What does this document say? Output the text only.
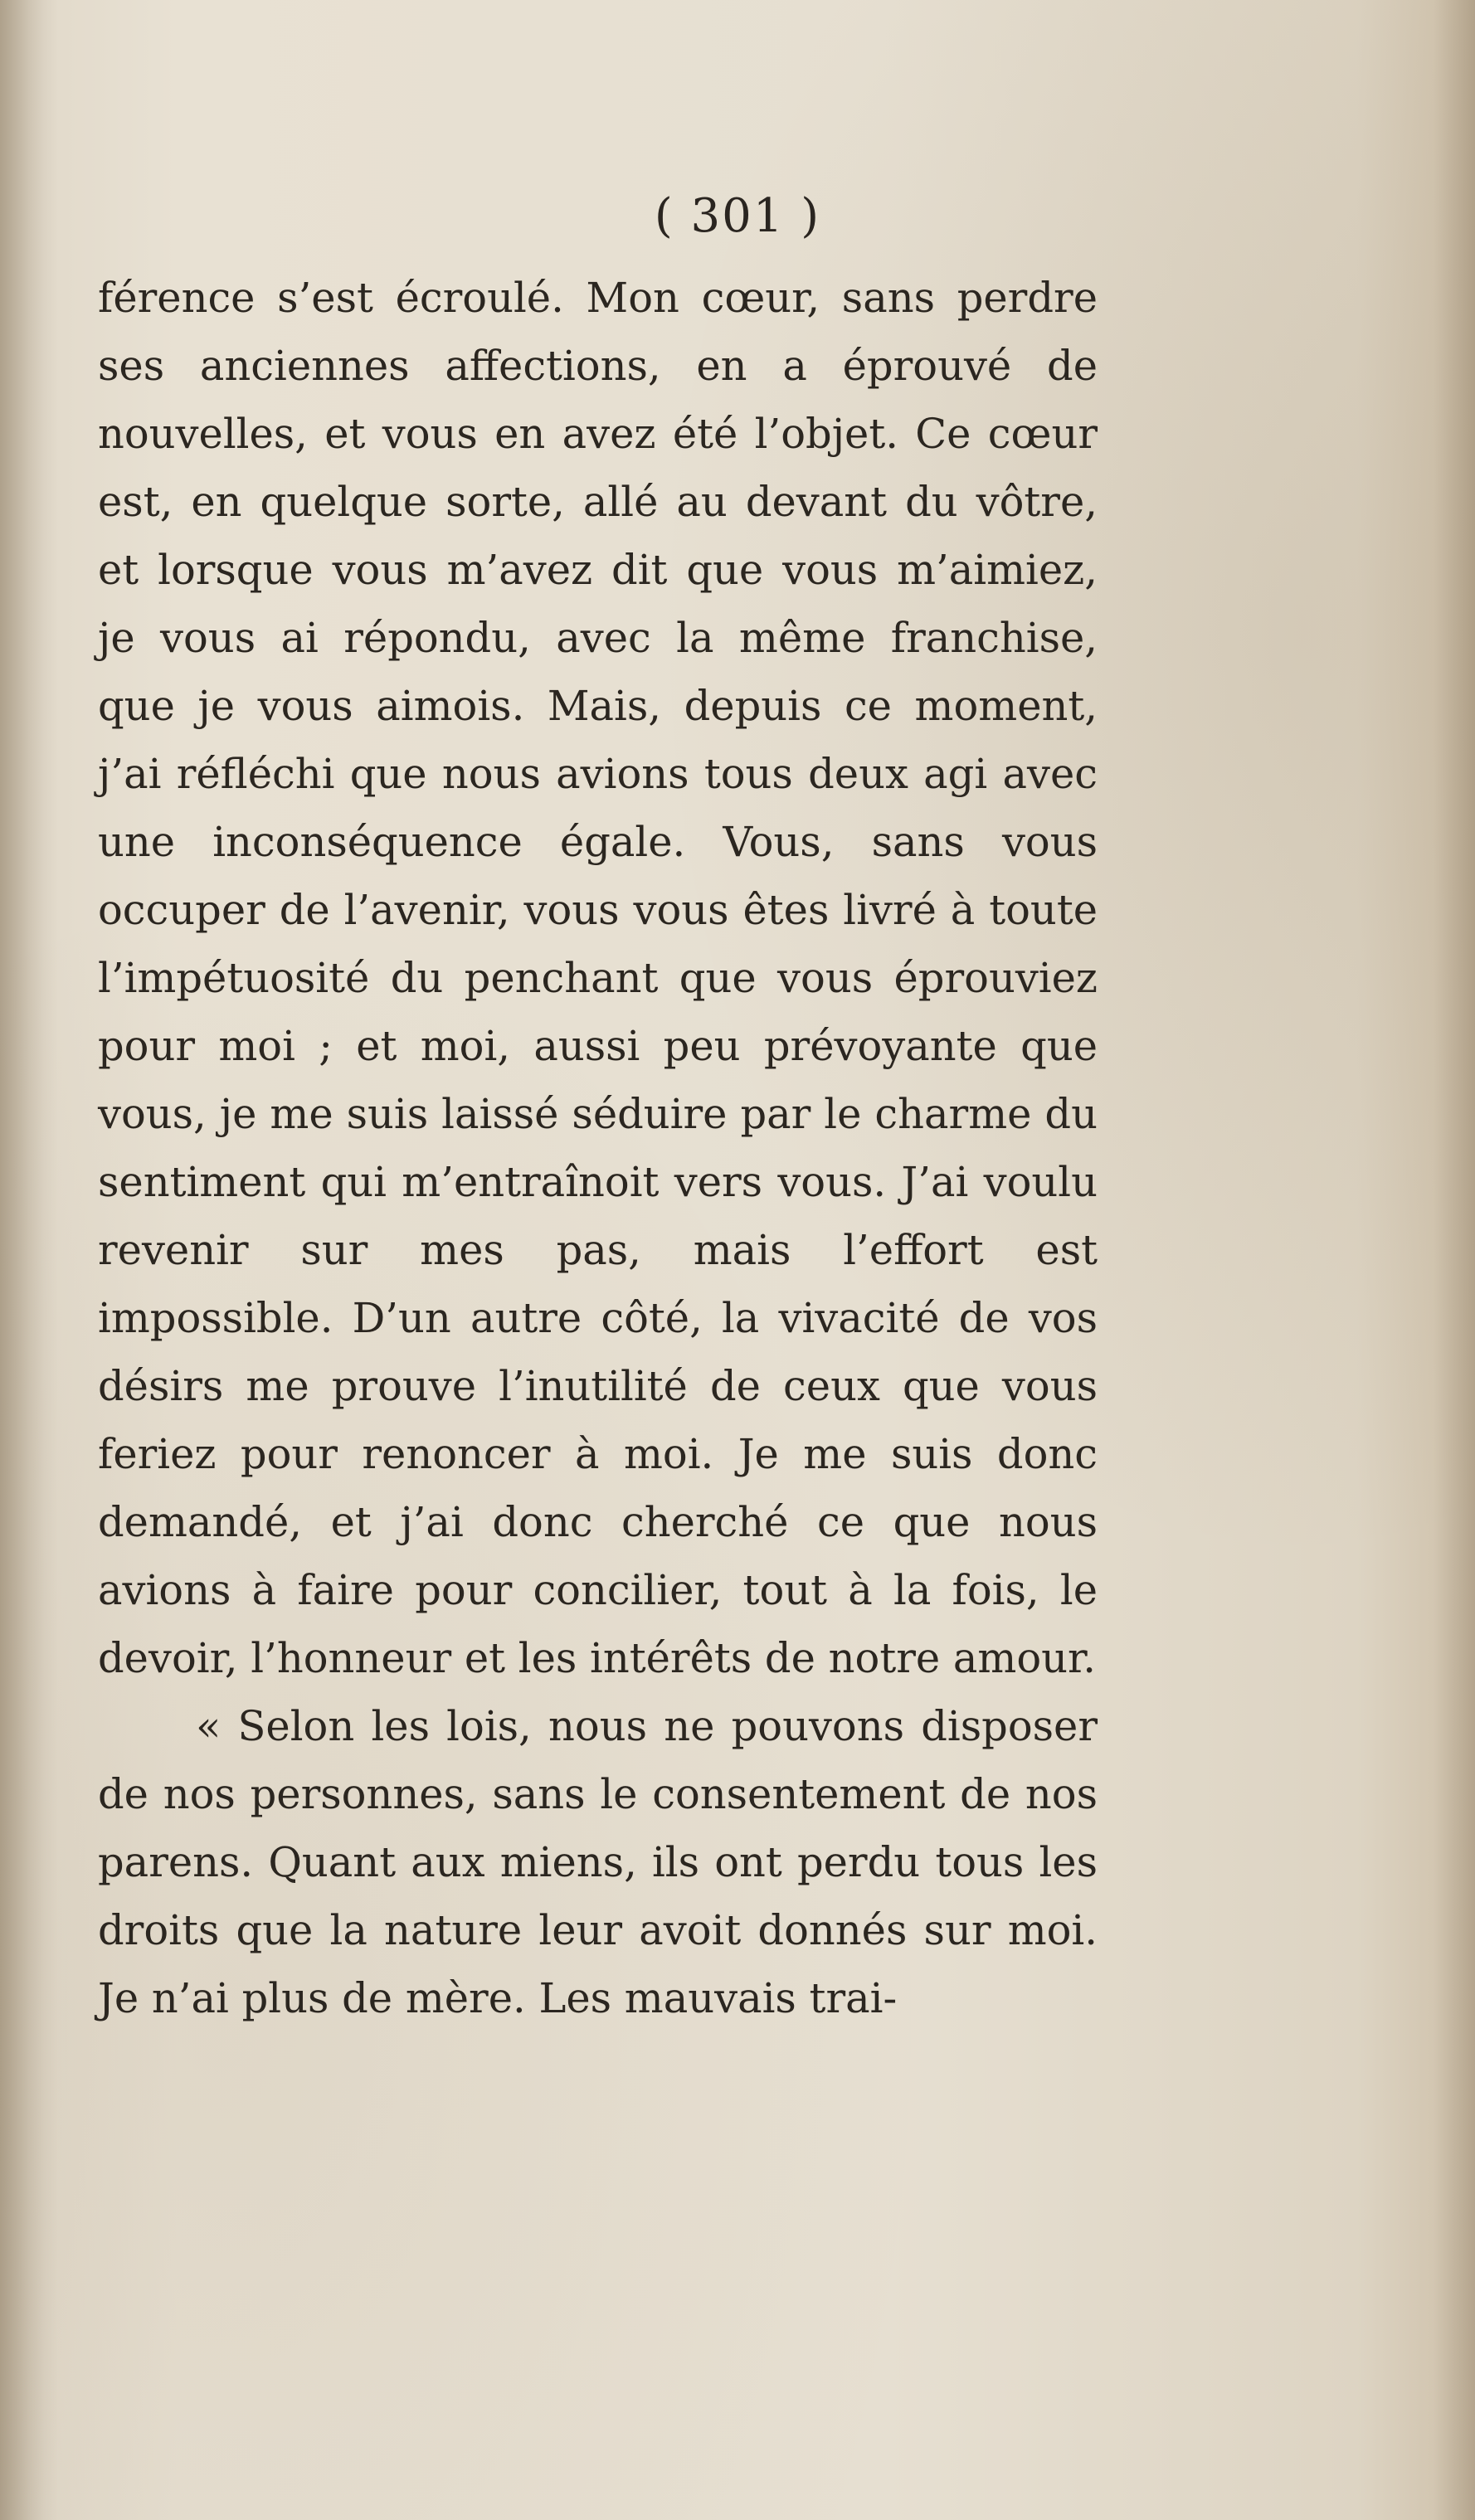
( 301 )

férence s’est écroulé. Mon cœur, sans perdre ses anciennes affections, en a éprouvé de nouvelles, et vous en avez été l’objet. Ce cœur est, en quelque sorte, allé au devant du vôtre, et lorsque vous m’avez dit que vous m’aimiez, je vous ai répondu, avec la même franchise, que je vous aimois. Mais, depuis ce moment, j’ai réfléchi que nous avions tous deux agi avec une inconséquence égale. Vous, sans vous occuper de l’avenir, vous vous êtes livré à toute l’impétuosité du penchant que vous éprouviez pour moi ; et moi, aussi peu prévoyante que vous, je me suis laissé séduire par le charme du sentiment qui m’entraînoit vers vous. J’ai voulu revenir sur mes pas, mais l’effort est impossible. D’un autre côté, la vivacité de vos désirs me prouve l’inutilité de ceux que vous feriez pour renoncer à moi. Je me suis donc demandé, et j’ai donc cherché ce que nous avions à faire pour concilier, tout à la fois, le devoir, l’honneur et les intérêts de notre amour.

« Selon les lois, nous ne pouvons disposer de nos personnes, sans le consentement de nos parens. Quant aux miens, ils ont perdu tous les droits que la nature leur avoit donnés sur moi. Je n’ai plus de mère. Les mauvais trai-
